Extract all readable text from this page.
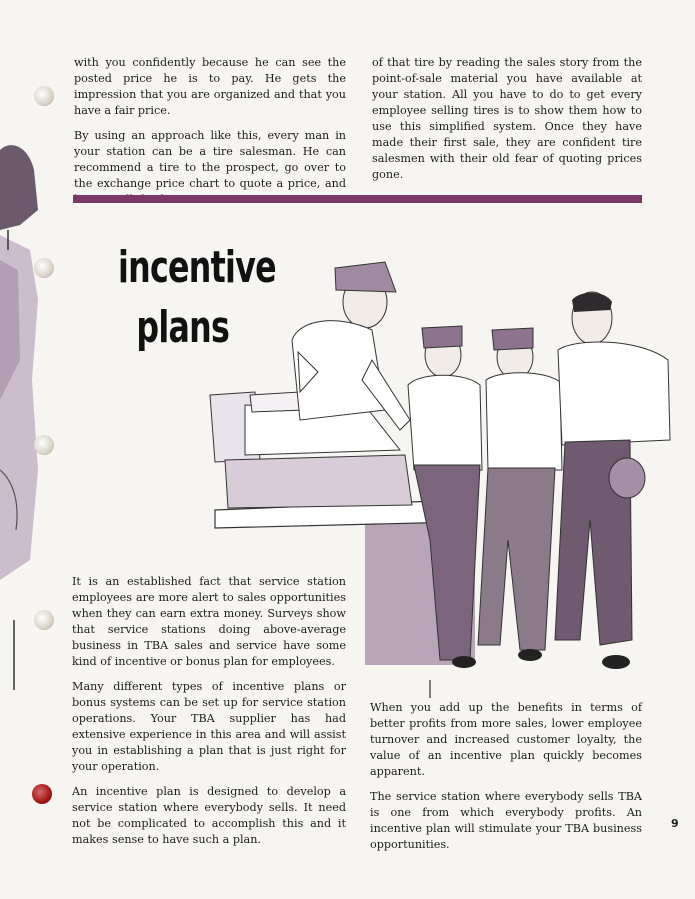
with you confidently because he can see the posted price he is to pay. He gets the impression that you are organized and that you have a fair price.

By using an approach like this, every man in your station can be a tire salesman. He can recommend a tire to the prospect, go over to the exchange price chart to quote a price, and

of that tire by reading the sales story from the point-of-sale material you have available at your station. All you have to do to get every employee selling tires is to show them how to use this simplified system. Once they have made their first sale, they are confident tire salesmen with their old fear of quoting prices gone.

incentive
plans

It is an established fact that service station employees are more alert to sales opportunities when they can earn extra money. Surveys show that service stations doing above-average business in TBA sales and service have some kind of incentive or bonus plan for employees.

Many different types of incentive plans or bonus systems can be set up for service station operations. Your TBA supplier has had extensive experience in this area and will assist you in establishing a plan that is just right for your operation.

An incentive plan is designed to develop a service station where everybody sells. It need not be complicated to accomplish this and it makes sense to have such a plan.

When you add up the benefits in terms of better profits from more sales, lower employee turnover and increased customer loyalty, the value of an incentive plan quickly becomes apparent.

The service station where everybody sells TBA is one from which everybody profits. An incentive plan will stimulate your TBA business opportunities.

9
